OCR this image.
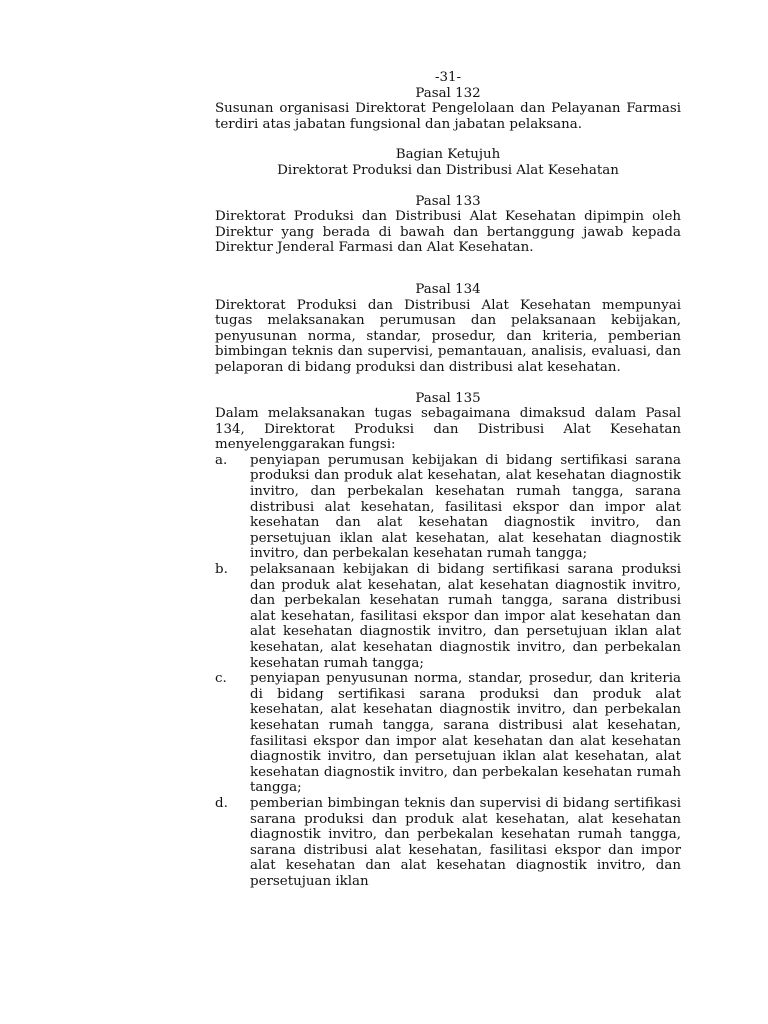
-31-
Pasal 132
Susunan organisasi Direktorat Pengelolaan dan Pelayanan Farmasi terdiri atas jabatan fungsional dan jabatan pelaksana.
Bagian Ketujuh
Direktorat Produksi dan Distribusi Alat Kesehatan
Pasal 133
Direktorat Produksi dan Distribusi Alat Kesehatan dipimpin oleh Direktur yang berada di bawah dan bertanggung jawab kepada Direktur Jenderal Farmasi dan Alat Kesehatan.
Pasal 134
Direktorat Produksi dan Distribusi Alat Kesehatan mempunyai tugas melaksanakan perumusan dan pelaksanaan kebijakan, penyusunan norma, standar, prosedur, dan kriteria, pemberian bimbingan teknis dan supervisi, pemantauan, analisis, evaluasi, dan pelaporan di bidang produksi dan distribusi alat kesehatan.
Pasal 135
Dalam melaksanakan tugas sebagaimana dimaksud dalam Pasal 134, Direktorat Produksi dan Distribusi Alat Kesehatan menyelenggarakan fungsi:
a.	penyiapan perumusan kebijakan di bidang sertifikasi sarana produksi dan produk alat kesehatan, alat kesehatan diagnostik invitro, dan perbekalan kesehatan rumah tangga, sarana distribusi alat kesehatan, fasilitasi ekspor dan impor alat kesehatan dan alat kesehatan diagnostik invitro, dan persetujuan iklan alat kesehatan, alat kesehatan diagnostik invitro, dan perbekalan kesehatan rumah tangga;
b.	pelaksanaan kebijakan di bidang sertifikasi sarana produksi dan produk alat kesehatan, alat kesehatan diagnostik invitro, dan perbekalan kesehatan rumah tangga, sarana distribusi alat kesehatan, fasilitasi ekspor dan impor alat kesehatan dan alat kesehatan diagnostik invitro, dan persetujuan iklan alat kesehatan, alat kesehatan diagnostik invitro, dan perbekalan kesehatan rumah tangga;
c.	penyiapan penyusunan norma, standar, prosedur, dan kriteria di bidang sertifikasi sarana produksi dan produk alat kesehatan, alat kesehatan diagnostik invitro, dan perbekalan kesehatan rumah tangga, sarana distribusi alat kesehatan, fasilitasi ekspor dan impor alat kesehatan dan alat kesehatan diagnostik invitro, dan persetujuan iklan alat kesehatan, alat kesehatan diagnostik invitro, dan perbekalan kesehatan rumah tangga;
d.	pemberian bimbingan teknis dan supervisi di bidang sertifikasi sarana produksi dan produk alat kesehatan, alat kesehatan diagnostik invitro, dan perbekalan kesehatan rumah tangga, sarana distribusi alat kesehatan, fasilitasi ekspor dan impor alat kesehatan dan alat kesehatan diagnostik invitro, dan persetujuan iklan
